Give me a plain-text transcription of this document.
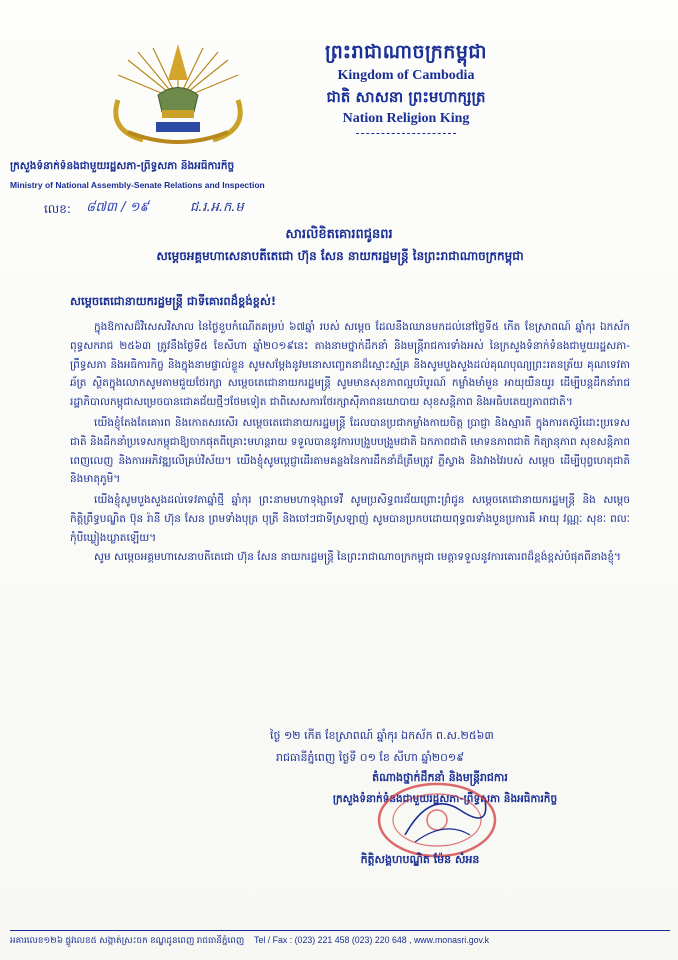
ព្រះរាជាណាចក្រកម្ពុជា
Kingdom of Cambodia
ជាតិ សាសនា ព្រះមហាក្សត្រ
Nation Religion King
ក្រសួងទំនាក់ទំនងជាមួយរដ្ឋសភា-ព្រឹទ្ធសភា និងអធិការកិច្ច
Ministry of National Assembly-Senate Relations and Inspection
លេខ: ៨៧៣ / ១៩	ជ.រ.អ.ក.ម
សារលិខិតគោរពជូនពរ
សម្តេចអគ្គមហាសេនាបតីតេជោ ហ៊ុន សែន នាយករដ្ឋមន្ត្រី នៃព្រះរាជាណាចក្រកម្ពុជា
សម្តេចតេជោនាយករដ្ឋមន្ត្រី ជាទីគោរពដ៏ខ្ពង់ខ្ពស់!

ក្នុងឱកាសដ៏វិសេសវិសាល នៃថ្ងៃខួបកំណើតគម្រប់ ៦៧ឆ្នាំ របស់ សម្តេច ដែលនឹងឈានមកដល់នៅថ្ងៃទី៥ កើត ខែស្រាពណ៍ ឆ្នាំកុរ ឯកស័ក ពុទ្ធសករាជ ២៥៦៣ ត្រូវនឹងថ្ងៃទី៥ ខែសីហា ឆ្នាំ២០១៩នេះ តាងនាមថ្នាក់ដឹកនាំ និងមន្ត្រីរាជការទាំងអស់ នៃក្រសួងទំនាក់ទំនងជាមួយរដ្ឋសភា-ព្រឹទ្ធសភា និងអធិការកិច្ច និងក្នុងនាមផ្ទាល់ខ្លួន សូមសម្តែងនូវមនោសញ្ចេតនាដ៏ស្មោះស្ម័គ្រ និងសូមបួងសួងដល់គុណបុណ្យព្រះរតនត្រ័យ គុណទេវតាឆ័ត្រ ស្ថិតក្នុងលោកសូមតាមជួយថែរក្សា សម្តេចតេជោនាយករដ្ឋមន្ត្រី សូមមានសុខភាពល្អបរិបូរណ៍ កម្លាំងមាំមួន អាយុយឺនយូរ ដើម្បីបន្តដឹកនាំរាជរដ្ឋាភិបាលកម្ពុជាសម្រេចបានជោគជ័យថ្មីៗថែមទៀត ជាពិសេសការថែរក្សាស៊ីភាពនយោបាយ សុខសន្តិភាព និងអធិបតេយ្យភាពជាតិ។

យើងខ្ញុំតែងតែគោរព និងកោតសរសើរ សម្តេចតេជោនាយករដ្ឋមន្ត្រី ដែលបានប្រជាកម្លាំងកាយចិត្ត ប្រាជ្ញា និងស្មារតី ក្នុងការតស៊ូរំដោះប្រទេសជាតិ និងដឹកនាំប្រទេសកម្ពុជាឱ្យចាកផុតពីគ្រោះមហន្តរាយ ទទួលបាននូវការបង្រួបបង្រួមជាតិ ឯកភាពជាតិ មោទនភាពជាតិ កិត្យានុភាព សុខសន្តិភាពពេញលេញ និងការអភិវឌ្ឍលើគ្រប់វិស័យ។ យើងខ្ញុំសូមប្តេជ្ញាដើរតាមគន្លងនៃការដឹកនាំដ៏ត្រឹមត្រូវ ភ្លឺស្វាង និងវាងវៃរបស់ សម្តេច ដើម្បីបុព្វហេតុជាតិ និងមាតុភូមិ។

យើងខ្ញុំសូមបួងសួងដល់ទេវតាឆ្នាំថ្មី ឆ្នាំកុរ ព្រះនាមមហាទុង្សាទេវី សូមប្រសិទ្ធពរជ័យព្រោះព្រំជូន សម្តេចតេជោនាយករដ្ឋមន្ត្រី និង សម្តេចកិត្តិព្រឹទ្ធបណ្ឌិត ប៊ុន រ៉ានី ហ៊ុន សែន ព្រមទាំងបុត្រ បុត្រី និងចៅៗជាទីស្រឡាញ់ សូមបានប្រកបដោយពុទ្ធពរទាំងបួនប្រការគឺ អាយុ វណ្ណៈ សុខៈ ពលៈ កុំបីឃ្លៀងឃ្លាតឡើយ។

សូម សម្តេចអគ្គមហាសេនាបតីតេជោ ហ៊ុន សែន នាយករដ្ឋមន្ត្រី នៃព្រះរាជាណាចក្រកម្ពុជា មេត្តាទទួលនូវការគោរពដ៏ខ្ពង់ខ្ពស់បំផុតពីនាងខ្ញុំ។

ថ្ងៃ ១២ កើត ខែស្រាពណ៍ ឆ្នាំកុរ ឯកស័ក ព.ស.២៥៦៣
រាជធានីភ្នំពេញ ថ្ងៃទី ០១ ខែ សីហា ឆ្នាំ២០១៩
តំណាងថ្នាក់ដឹកនាំ និងមន្ត្រីរាជការ
ក្រសួងទំនាក់ទំនងជាមួយរដ្ឋសភា-ព្រឹទ្ធសភា និងអធិការកិច្ច
កិត្តិសង្គហបណ្ឌិត ម៉ែន សំអន
អគារលេខ១២៦ ផ្លូវលេខ៥ សង្កាត់ស្រះចក ខណ្ឌដូនពេញ រាជធានីភ្នំពេញ Tel / Fax : (023) 221 458 (023) 220 648 , www.monasri.gov.k
